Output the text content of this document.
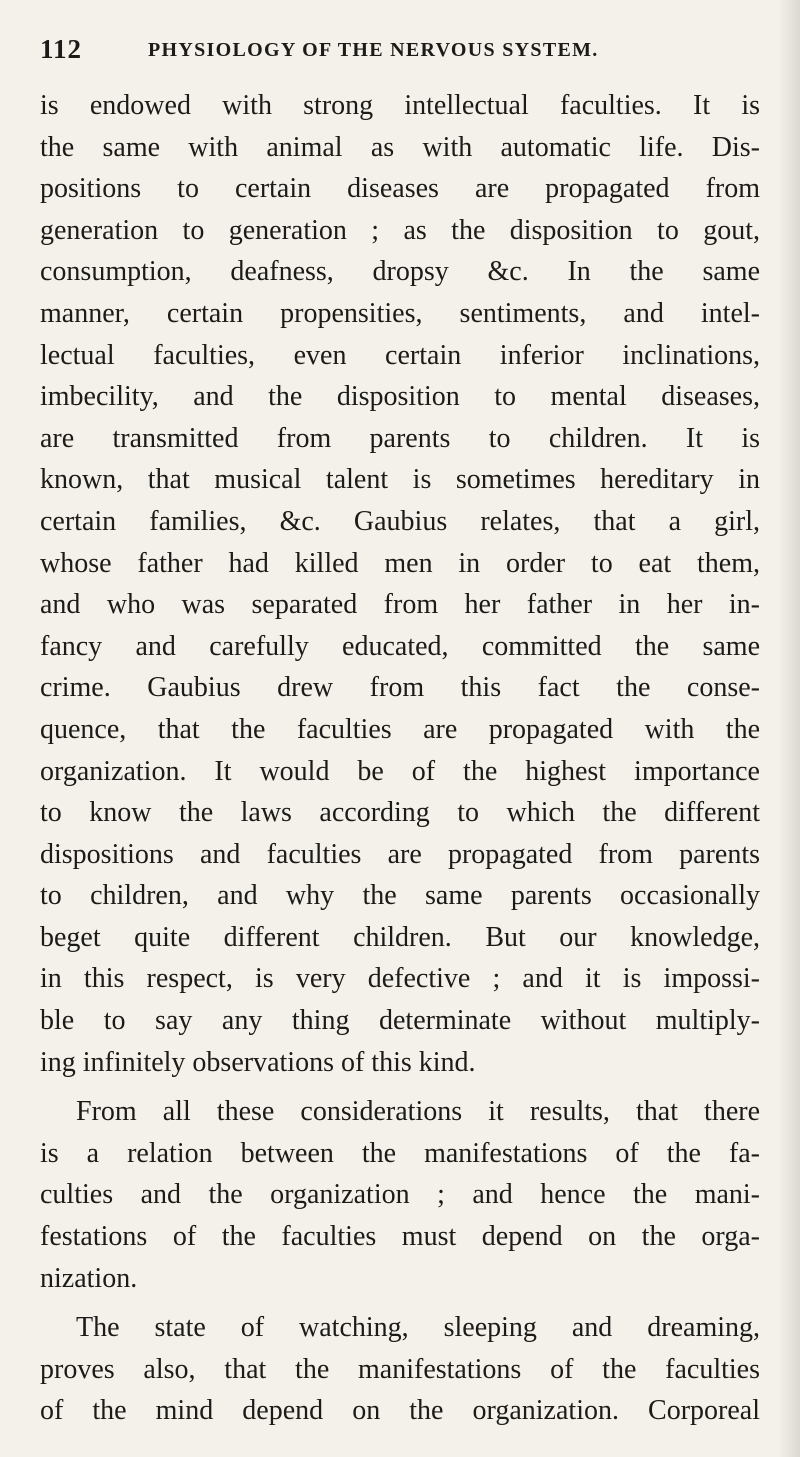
112	PHYSIOLOGY OF THE NERVOUS SYSTEM.
is endowed with strong intellectual faculties. It is
the same with animal as with automatic life. Dis-
positions to certain diseases are propagated from
generation to generation ; as the disposition to gout,
consumption, deafness, dropsy &c. In the same
manner, certain propensities, sentiments, and intel-
lectual faculties, even certain inferior inclinations,
imbecility, and the disposition to mental diseases,
are transmitted from parents to children. It is
known, that musical talent is sometimes hereditary in
certain families, &c. Gaubius relates, that a girl,
whose father had killed men in order to eat them,
and who was separated from her father in her in-
fancy and carefully educated, committed the same
crime. Gaubius drew from this fact the conse-
quence, that the faculties are propagated with the
organization. It would be of the highest importance
to know the laws according to which the different
dispositions and faculties are propagated from parents
to children, and why the same parents occasionally
beget quite different children. But our knowledge,
in this respect, is very defective ; and it is impossi-
ble to say any thing determinate without multiply-
ing infinitely observations of this kind.
From all these considerations it results, that there
is a relation between the manifestations of the fa-
culties and the organization ; and hence the mani-
festations of the faculties must depend on the orga-
nization.
The state of watching, sleeping and dreaming,
proves also, that the manifestations of the faculties
of the mind depend on the organization. Corporeal
